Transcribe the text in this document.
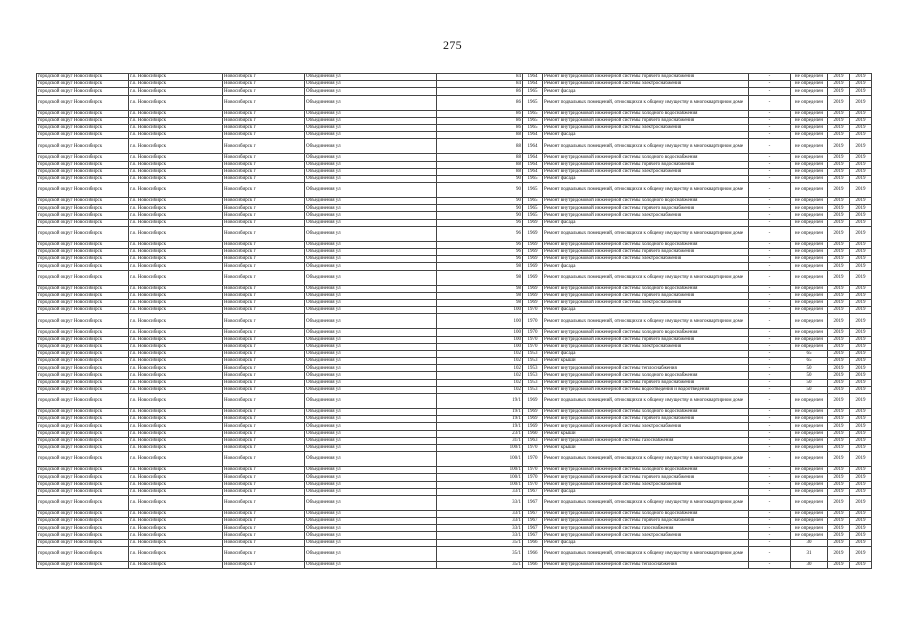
275
городской округ Новосибирск	г.о. Новосибирск	Новосибирск г	Объединения ул	84	1964	Ремонт внутридомовой инженерной системы горячего водоснабжения	-	не определен	2019	2019
городской округ Новосибирск	г.о. Новосибирск	Новосибирск г	Объединения ул	84	1964	Ремонт внутридомовой инженерной системы электроснабжения	-	не определен	2019	2019
городской округ Новосибирск	г.о. Новосибирск	Новосибирск г	Объединения ул	86	1965	Ремонт фасада	-	не определен	2019	2019
городской округ Новосибирск	г.о. Новосибирск	Новосибирск г	Объединения ул	86	1965	Ремонт подвальных помещений, относящихся к общему имуществу в многоквартирном доме	-	не определен	2019	2019
городской округ Новосибирск	г.о. Новосибирск	Новосибирск г	Объединения ул	86	1965	Ремонт внутридомовой инженерной системы холодного водоснабжения	-	не определен	2019	2019
городской округ Новосибирск	г.о. Новосибирск	Новосибирск г	Объединения ул	86	1965	Ремонт внутридомовой инженерной системы горячего водоснабжения	-	не определен	2019	2019
городской округ Новосибирск	г.о. Новосибирск	Новосибирск г	Объединения ул	86	1965	Ремонт внутридомовой инженерной системы электроснабжения	-	не определен	2019	2019
городской округ Новосибирск	г.о. Новосибирск	Новосибирск г	Объединения ул	88	1964	Ремонт фасада	-	не определен	2019	2019
городской округ Новосибирск	г.о. Новосибирск	Новосибирск г	Объединения ул	88	1964	Ремонт подвальных помещений, относящихся к общему имуществу в многоквартирном доме	-	не определен	2019	2019
городской округ Новосибирск	г.о. Новосибирск	Новосибирск г	Объединения ул	88	1964	Ремонт внутридомовой инженерной системы холодного водоснабжения	-	не определен	2019	2019
городской округ Новосибирск	г.о. Новосибирск	Новосибирск г	Объединения ул	88	1964	Ремонт внутридомовой инженерной системы горячего водоснабжения	-	не определен	2019	2019
городской округ Новосибирск	г.о. Новосибирск	Новосибирск г	Объединения ул	88	1964	Ремонт внутридомовой инженерной системы электроснабжения	-	не определен	2019	2019
городской округ Новосибирск	г.о. Новосибирск	Новосибирск г	Объединения ул	90	1965	Ремонт фасада	-	не определен	2019	2019
городской округ Новосибирск	г.о. Новосибирск	Новосибирск г	Объединения ул	90	1965	Ремонт подвальных помещений, относящихся к общему имуществу в многоквартирном доме	-	не определен	2019	2019
городской округ Новосибирск	г.о. Новосибирск	Новосибирск г	Объединения ул	90	1965	Ремонт внутридомовой инженерной системы холодного водоснабжения	-	не определен	2019	2019
городской округ Новосибирск	г.о. Новосибирск	Новосибирск г	Объединения ул	90	1965	Ремонт внутридомовой инженерной системы горячего водоснабжения	-	не определен	2019	2019
городской округ Новосибирск	г.о. Новосибирск	Новосибирск г	Объединения ул	90	1965	Ремонт внутридомовой инженерной системы электроснабжения	-	не определен	2019	2019
городской округ Новосибирск	г.о. Новосибирск	Новосибирск г	Объединения ул	96	1969	Ремонт фасада	-	не определен	2019	2019
городской округ Новосибирск	г.о. Новосибирск	Новосибирск г	Объединения ул	96	1969	Ремонт подвальных помещений, относящихся к общему имуществу в многоквартирном доме	-	не определен	2019	2019
городской округ Новосибирск	г.о. Новосибирск	Новосибирск г	Объединения ул	96	1969	Ремонт внутридомовой инженерной системы холодного водоснабжения	-	не определен	2019	2019
городской округ Новосибирск	г.о. Новосибирск	Новосибирск г	Объединения ул	96	1969	Ремонт внутридомовой инженерной системы горячего водоснабжения	-	не определен	2019	2019
городской округ Новосибирск	г.о. Новосибирск	Новосибирск г	Объединения ул	96	1969	Ремонт внутридомовой инженерной системы электроснабжения	-	не определен	2019	2019
городской округ Новосибирск	г.о. Новосибирск	Новосибирск г	Объединения ул	98	1969	Ремонт фасада	-	не определен	2019	2019
городской округ Новосибирск	г.о. Новосибирск	Новосибирск г	Объединения ул	98	1969	Ремонт подвальных помещений, относящихся к общему имуществу в многоквартирном доме	-	не определен	2019	2019
городской округ Новосибирск	г.о. Новосибирск	Новосибирск г	Объединения ул	98	1969	Ремонт внутридомовой инженерной системы холодного водоснабжения	-	не определен	2019	2019
городской округ Новосибирск	г.о. Новосибирск	Новосибирск г	Объединения ул	98	1969	Ремонт внутридомовой инженерной системы горячего водоснабжения	-	не определен	2019	2019
городской округ Новосибирск	г.о. Новосибирск	Новосибирск г	Объединения ул	98	1969	Ремонт внутридомовой инженерной системы электроснабжения	-	не определен	2019	2019
городской округ Новосибирск	г.о. Новосибирск	Новосибирск г	Объединения ул	100	1970	Ремонт фасада	-	не определен	2019	2019
городской округ Новосибирск	г.о. Новосибирск	Новосибирск г	Объединения ул	100	1970	Ремонт подвальных помещений, относящихся к общему имуществу в многоквартирном доме	-	не определен	2019	2019
городской округ Новосибирск	г.о. Новосибирск	Новосибирск г	Объединения ул	100	1970	Ремонт внутридомовой инженерной системы холодного водоснабжения	-	не определен	2019	2019
городской округ Новосибирск	г.о. Новосибирск	Новосибирск г	Объединения ул	100	1970	Ремонт внутридомовой инженерной системы горячего водоснабжения	-	не определен	2019	2019
городской округ Новосибирск	г.о. Новосибирск	Новосибирск г	Объединения ул	100	1970	Ремонт внутридомовой инженерной системы электроснабжения	-	не определен	2019	2019
городской округ Новосибирск	г.о. Новосибирск	Новосибирск г	Объединения ул	102	1953	Ремонт фасада	-	65	2019	2019
городской округ Новосибирск	г.о. Новосибирск	Новосибирск г	Объединения ул	102	1953	Ремонт крыши	-	65	2019	2019
городской округ Новосибирск	г.о. Новосибирск	Новосибирск г	Объединения ул	102	1953	Ремонт внутридомовой инженерной системы теплоснабжения	-	50	2019	2019
городской округ Новосибирск	г.о. Новосибирск	Новосибирск г	Объединения ул	102	1953	Ремонт внутридомовой инженерной системы холодного водоснабжения	-	50	2019	2019
городской округ Новосибирск	г.о. Новосибирск	Новосибирск г	Объединения ул	102	1953	Ремонт внутридомовой инженерной системы горячего водоснабжения	-	50	2019	2019
городской округ Новосибирск	г.о. Новосибирск	Новосибирск г	Объединения ул	102	1953	Ремонт внутридомовой инженерной системы водоотведения и водоотведения	-	50	2019	2019
городской округ Новосибирск	г.о. Новосибирск	Новосибирск г	Объединения ул	19/1	1969	Ремонт подвальных помещений, относящихся к общему имуществу в многоквартирном доме	-	не определен	2019	2019
городской округ Новосибирск	г.о. Новосибирск	Новосибирск г	Объединения ул	19/1	1969	Ремонт внутридомовой инженерной системы холодного водоснабжения	-	не определен	2019	2019
городской округ Новосибирск	г.о. Новосибирск	Новосибирск г	Объединения ул	19/1	1969	Ремонт внутридомовой инженерной системы горячего водоснабжения	-	не определен	2019	2019
городской округ Новосибирск	г.о. Новосибирск	Новосибирск г	Объединения ул	19/1	1969	Ремонт внутридомовой инженерной системы электроснабжения	-	не определен	2019	2019
городской округ Новосибирск	г.о. Новосибирск	Новосибирск г	Объединения ул	23/1	1960	Ремонт крыши	-	не определен	2019	2019
городской округ Новосибирск	г.о. Новосибирск	Новосибирск г	Объединения ул	31/1	1963	Ремонт внутридомовой инженерной системы газоснабжения	-	не определен	2019	2019
городской округ Новосибирск	г.о. Новосибирск	Новосибирск г	Объединения ул	100/1	1970	Ремонт крыши	-	не определен	2019	2019
городской округ Новосибирск	г.о. Новосибирск	Новосибирск г	Объединения ул	100/1	1970	Ремонт подвальных помещений, относящихся к общему имуществу в многоквартирном доме	-	не определен	2019	2019
городской округ Новосибирск	г.о. Новосибирск	Новосибирск г	Объединения ул	100/1	1970	Ремонт внутридомовой инженерной системы холодного водоснабжения	-	не определен	2019	2019
городской округ Новосибирск	г.о. Новосибирск	Новосибирск г	Объединения ул	100/1	1970	Ремонт внутридомовой инженерной системы горячего водоснабжения	-	не определен	2019	2019
городской округ Новосибирск	г.о. Новосибирск	Новосибирск г	Объединения ул	100/1	1970	Ремонт внутридомовой инженерной системы электроснабжения	-	не определен	2019	2019
городской округ Новосибирск	г.о. Новосибирск	Новосибирск г	Объединения ул	33/1	1967	Ремонт фасада	-	не определен	2019	2019
городской округ Новосибирск	г.о. Новосибирск	Новосибирск г	Объединения ул	33/1	1967	Ремонт подвальных помещений, относящихся к общему имуществу в многоквартирном доме	-	не определен	2019	2019
городской округ Новосибирск	г.о. Новосибирск	Новосибирск г	Объединения ул	33/1	1967	Ремонт внутридомовой инженерной системы холодного водоснабжения	-	не определен	2019	2019
городской округ Новосибирск	г.о. Новосибирск	Новосибирск г	Объединения ул	33/1	1967	Ремонт внутридомовой инженерной системы горячего водоснабжения	-	не определен	2019	2019
городской округ Новосибирск	г.о. Новосибирск	Новосибирск г	Объединения ул	33/1	1967	Ремонт внутридомовой инженерной системы газоснабжения	-	не определен	2019	2019
городской округ Новосибирск	г.о. Новосибирск	Новосибирск г	Объединения ул	33/1	1967	Ремонт внутридомовой инженерной системы электроснабжения	-	не определен	2019	2019
городской округ Новосибирск	г.о. Новосибирск	Новосибирск г	Объединения ул	35/1	1966	Ремонт фасада	-	30	2019	2019
городской округ Новосибирск	г.о. Новосибирск	Новосибирск г	Объединения ул	35/1	1966	Ремонт подвальных помещений, относящихся к общему имуществу в многоквартирном доме	-	31	2019	2019
городской округ Новосибирск	г.о. Новосибирск	Новосибирск г	Объединения ул	35/1	1966	Ремонт внутридомовой инженерной системы теплоснабжения	-	30	2019	2019
